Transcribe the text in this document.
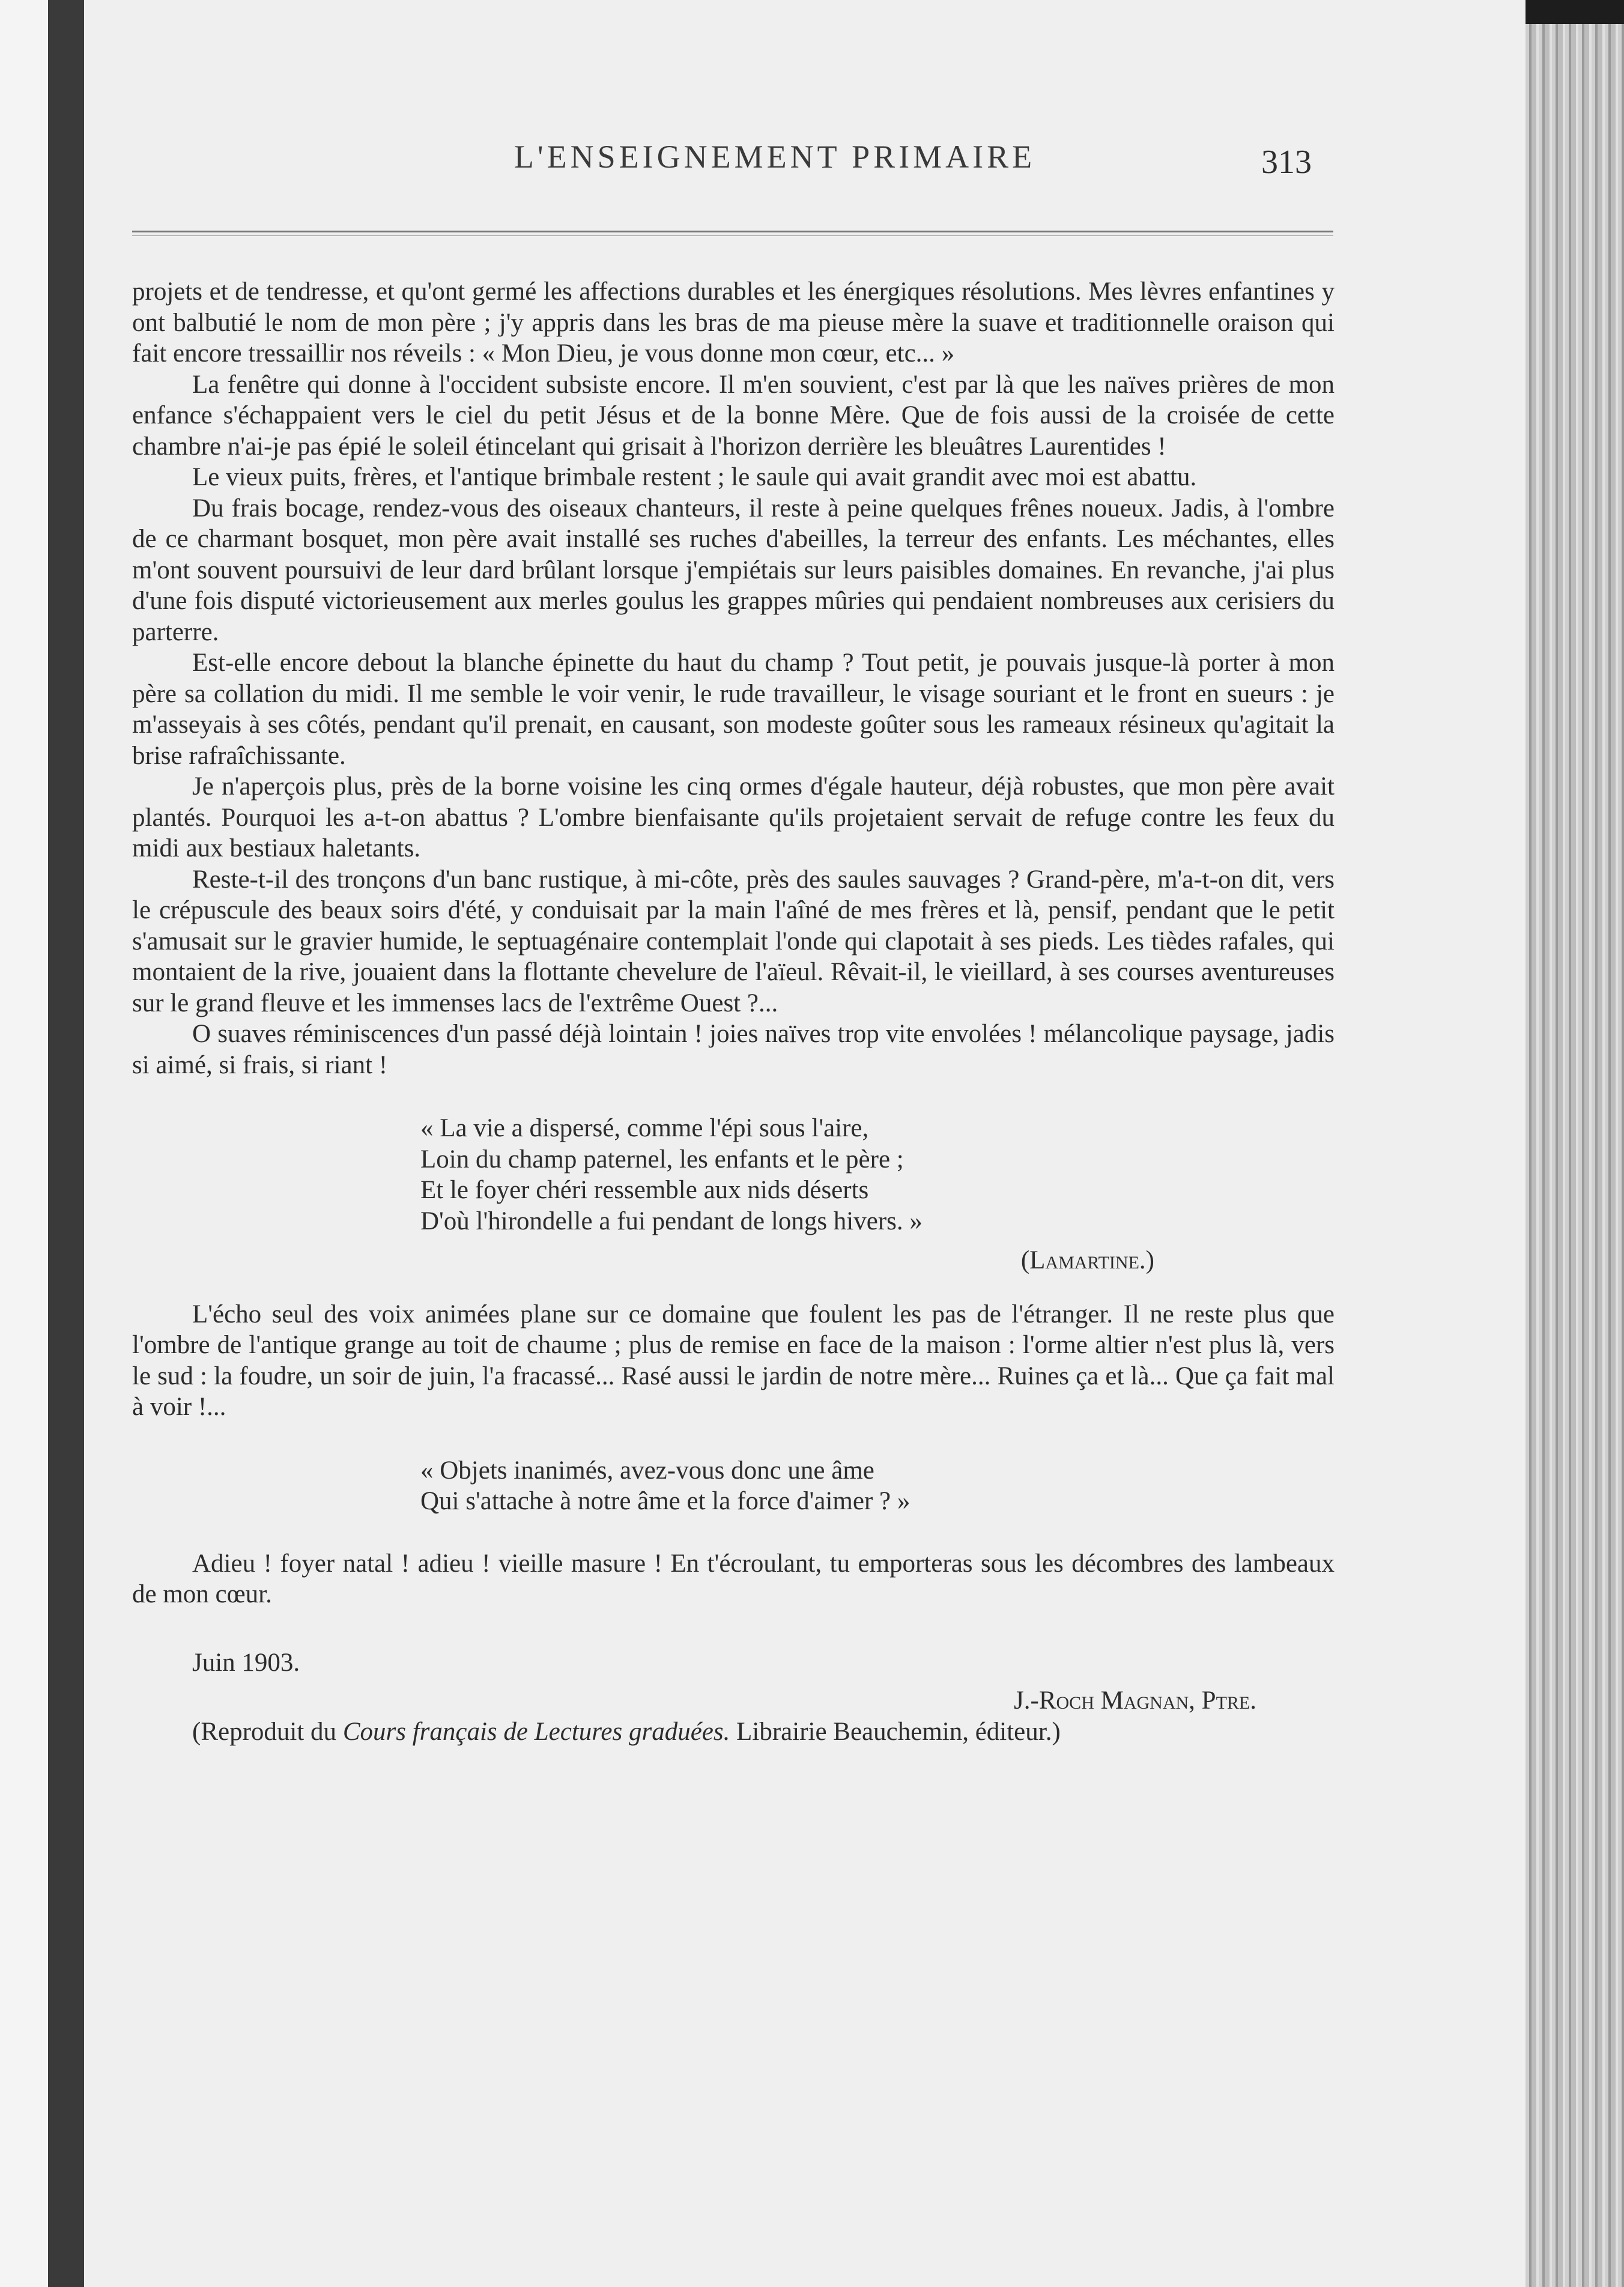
L'ENSEIGNEMENT PRIMAIRE	313

projets et de tendresse, et qu'ont germé les affections durables et les énergiques résolutions. Mes lèvres enfantines y ont balbutié le nom de mon père ; j'y appris dans les bras de ma pieuse mère la suave et traditionnelle oraison qui fait encore tressaillir nos réveils : « Mon Dieu, je vous donne mon cœur, etc... »

La fenêtre qui donne à l'occident subsiste encore. Il m'en souvient, c'est par là que les naïves prières de mon enfance s'échappaient vers le ciel du petit Jésus et de la bonne Mère. Que de fois aussi de la croisée de cette chambre n'ai-je pas épié le soleil étincelant qui grisait à l'horizon derrière les bleuâtres Laurentides !

Le vieux puits, frères, et l'antique brimbale restent ; le saule qui avait grandit avec moi est abattu.

Du frais bocage, rendez-vous des oiseaux chanteurs, il reste à peine quelques frênes noueux. Jadis, à l'ombre de ce charmant bosquet, mon père avait installé ses ruches d'abeilles, la terreur des enfants. Les méchantes, elles m'ont souvent poursuivi de leur dard brûlant lorsque j'empiétais sur leurs paisibles domaines. En revanche, j'ai plus d'une fois disputé victorieusement aux merles goulus les grappes mûries qui pendaient nombreuses aux cerisiers du parterre.

Est-elle encore debout la blanche épinette du haut du champ ? Tout petit, je pouvais jusque-là porter à mon père sa collation du midi. Il me semble le voir venir, le rude travailleur, le visage souriant et le front en sueurs : je m'asseyais à ses côtés, pendant qu'il prenait, en causant, son modeste goûter sous les rameaux résineux qu'agitait la brise rafraîchissante.

Je n'aperçois plus, près de la borne voisine les cinq ormes d'égale hauteur, déjà robustes, que mon père avait plantés. Pourquoi les a-t-on abattus ? L'ombre bienfaisante qu'ils projetaient servait de refuge contre les feux du midi aux bestiaux haletants.

Reste-t-il des tronçons d'un banc rustique, à mi-côte, près des saules sauvages ? Grand-père, m'a-t-on dit, vers le crépuscule des beaux soirs d'été, y conduisait par la main l'aîné de mes frères et là, pensif, pendant que le petit s'amusait sur le gravier humide, le septuagénaire contemplait l'onde qui clapotait à ses pieds. Les tièdes rafales, qui montaient de la rive, jouaient dans la flottante chevelure de l'aïeul. Rêvait-il, le vieillard, à ses courses aventureuses sur le grand fleuve et les immenses lacs de l'extrême Ouest ?...

O suaves réminiscences d'un passé déjà lointain ! joies naïves trop vite envolées ! mélancolique paysage, jadis si aimé, si frais, si riant !

« La vie a dispersé, comme l'épi sous l'aire,
Loin du champ paternel, les enfants et le père ;
Et le foyer chéri ressemble aux nids déserts
D'où l'hirondelle a fui pendant de longs hivers. »
(Lamartine.)

L'écho seul des voix animées plane sur ce domaine que foulent les pas de l'étranger. Il ne reste plus que l'ombre de l'antique grange au toit de chaume ; plus de remise en face de la maison : l'orme altier n'est plus là, vers le sud : la foudre, un soir de juin, l'a fracassé... Rasé aussi le jardin de notre mère... Ruines ça et là... Que ça fait mal à voir !...

« Objets inanimés, avez-vous donc une âme
Qui s'attache à notre âme et la force d'aimer ? »

Adieu ! foyer natal ! adieu ! vieille masure ! En t'écroulant, tu emporteras sous les décombres des lambeaux de mon cœur.

Juin 1903.
J.-Roch Magnan, Ptre.

(Reproduit du Cours français de Lectures graduées. Librairie Beauchemin, éditeur.)
